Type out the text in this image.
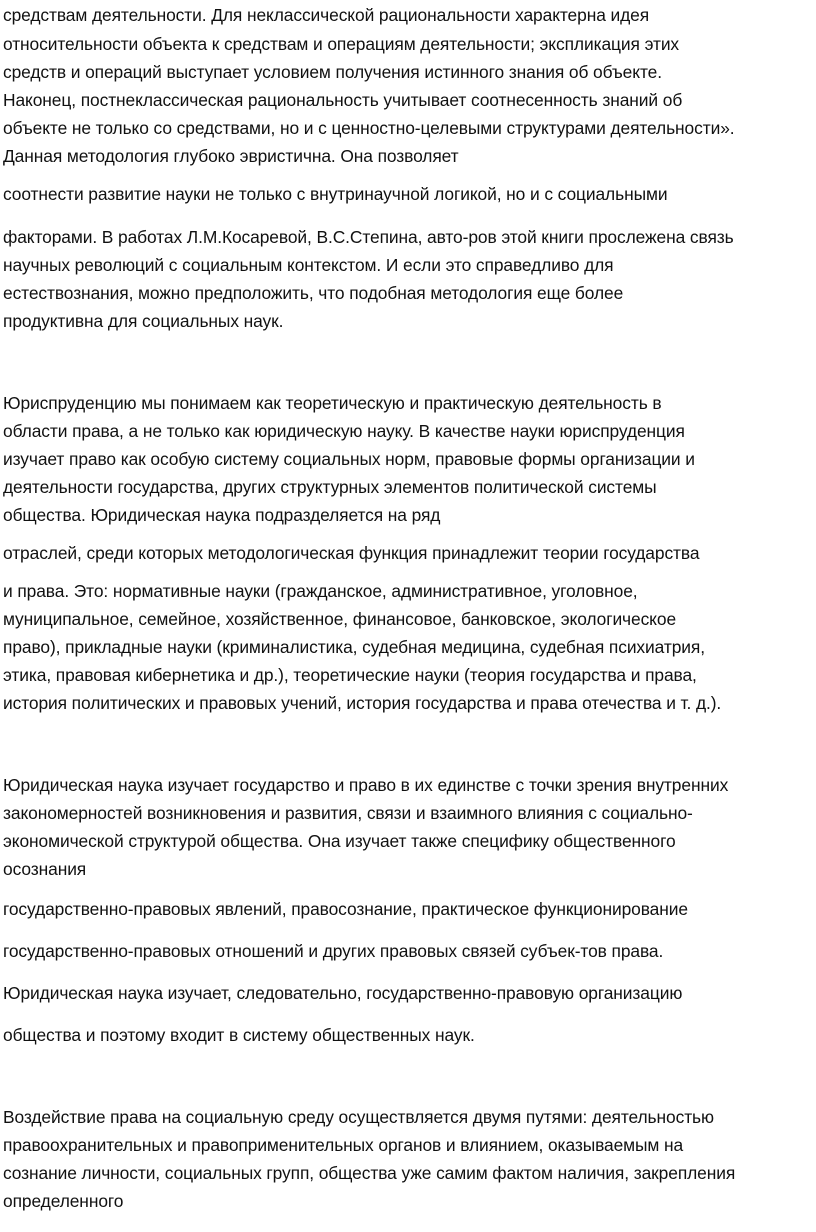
средствам деятельности. Для неклассической рациональности характерна идея
относительности объекта к средствам и операциям деятельности; экспликация этих
средств и операций выступает условием получения истинного знания об объекте.
Наконец, постнеклассическая рациональность учитывает соотнесенность знаний об
объекте не только со средствами, но и с ценностно-целевыми структурами деятельности».
Данная методология глубоко эвристична. Она позволяет
соотнести развитие науки не только с внутринаучной логикой, но и с социальными
факторами. В работах Л.М.Косаревой, В.С.Степина, авто-ров этой книги прослежена связь
научных революций с социальным контекстом. И если это справедливо для
естествознания, можно предположить, что подобная методология еще более
продуктивна для социальных наук.
Юриспруденцию мы понимаем как теоретическую и практическую деятельность в
области права, а не только как юридическую науку. В качестве науки юриспруденция
изучает право как особую систему социальных норм, правовые формы организации и
деятельности государства, других структурных элементов политической системы
общества. Юридическая наука подразделяется на ряд
отраслей, среди которых методологическая функция принадлежит теории государства
и права. Это: нормативные науки (гражданское, административное, уголовное,
муниципальное, семейное, хозяйственное, финансовое, банковское, экологическое
право), прикладные науки (криминалистика, судебная медицина, судебная психиатрия,
этика, правовая кибернетика и др.), теоретические науки (теория государства и права,
история политических и правовых учений, история государства и права отечества и т. д.).
Юридическая наука изучает государство и право в их единстве с точки зрения внутренних
закономерностей возникновения и развития, связи и взаимного влияния с социально-
экономической структурой общества. Она изучает также специфику общественного
осознания
государственно-правовых явлений, правосознание, практическое функционирование
государственно-правовых отношений и других правовых связей субъек-тов права.
Юридическая наука изучает, следовательно, государственно-правовую организацию
общества и поэтому входит в систему общественных наук.
Воздействие права на социальную среду осуществляется двумя путями: деятельностью
правоохранительных и правоприменительных органов и влиянием, оказываемым на
сознание личности, социальных групп, общества уже самим фактом наличия, закрепления
определенного
